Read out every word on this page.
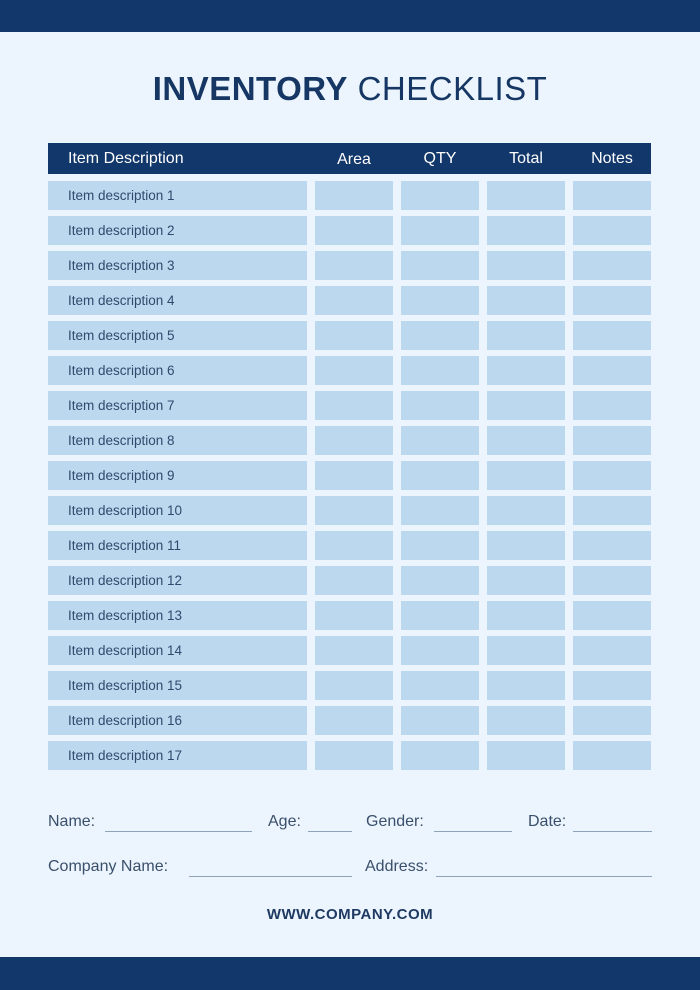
INVENTORY CHECKLIST
Item Description	Area	QTY	Total	Notes
Item description 1
Item description 2
Item description 3
Item description 4
Item description 5
Item description 6
Item description 7
Item description 8
Item description 9
Item description 10
Item description 11
Item description 12
Item description 13
Item description 14
Item description 15
Item description 16
Item description 17
Name:	Age:	Gender:	Date:
Company Name:	Address:
WWW.COMPANY.COM
